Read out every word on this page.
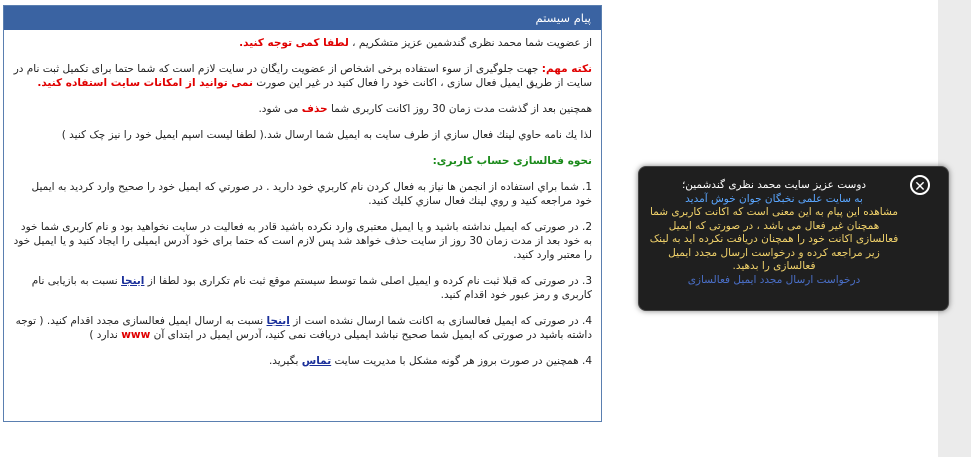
پیام سیستم

از عضویت شما محمد نظری گندشمین عزیز متشکریم ، لطفا کمی توجه کنید.

نکته مهم: جهت جلوگیری از سوء استفاده برخی اشخاص از عضویت رایگان در سایت لازم است که شما حتما برای تکمیل ثبت نام در سایت از طریق ایمیل فعال سازی ، اکانت خود را فعال کنید در غیر این صورت نمی توانید از امکانات سایت استفاده کنید.

همچنین بعد از گذشت مدت زمان 30 روز اکانت کاربری شما حذف می شود.

لذا یك نامه حاوي لینك فعال سازي از طرف سایت به ایمیل شما ارسال شد.( لطفا لیست اسپم ایمیل خود را نیز چک کنید )

نحوه فعالسازی حساب کاربری:

1. شما براي استفاده از انجمن ها نياز به فعال كردن نام كاربري خود داريد . در صورتي كه ايميل خود را صحيح وارد كرديد به ايميل خود مراجعه كنيد و روي لينك فعال سازي كليك كنيد.

2. در صورتی که ایمیل نداشته باشید و یا ایمیل معتبری وارد نکرده باشید قادر به فعالیت در سایت نخواهید بود و نام کاربری شما خود به خود بعد از مدت زمان 30 روز از سایت حذف خواهد شد پس لازم است که حتما برای خود آدرس ایمیلی را ایجاد کنید و یا ایمیل خود را معتبر وارد کنید.

3. در صورتی که قبلا ثبت نام کرده و ایمیل اصلی شما توسط سیستم موقع ثبت نام تکراری بود لطفا از اینجا نسبت به بازیابی نام کاربری و رمز عبور خود اقدام کنید.

4. در صورتی که ایمیل فعالسازی به اکانت شما ارسال نشده است از اینجا نسبت به ارسال ایمیل فعالسازی مجدد اقدام کنید. ( توجه داشته باشید در صورتی که ایمیل شما صحیح نباشد ایمیلی دریافت نمی کنید، آدرس ایمیل در ابتدای آن www ندارد )

4. همچنین در صورت بروز هر گونه مشکل با مدیریت سایت تماس بگیرید.

✕
دوست عزیز سایت محمد نظری گندشمین؛
به سایت علمی نخبگان جوان خوش آمدید
مشاهده این پیام به این معنی است که اکانت کاربری شما همچنان غیر فعال می باشد ، در صورتی که ایمیل فعالسازی اکانت خود را همچنان دریافت نکرده اید به لینک زیر مراجعه کرده و درخواست ارسال مجدد ایمیل فعالسازی را بدهید.
درخواست ارسال مجدد ایمیل فعالسازی
